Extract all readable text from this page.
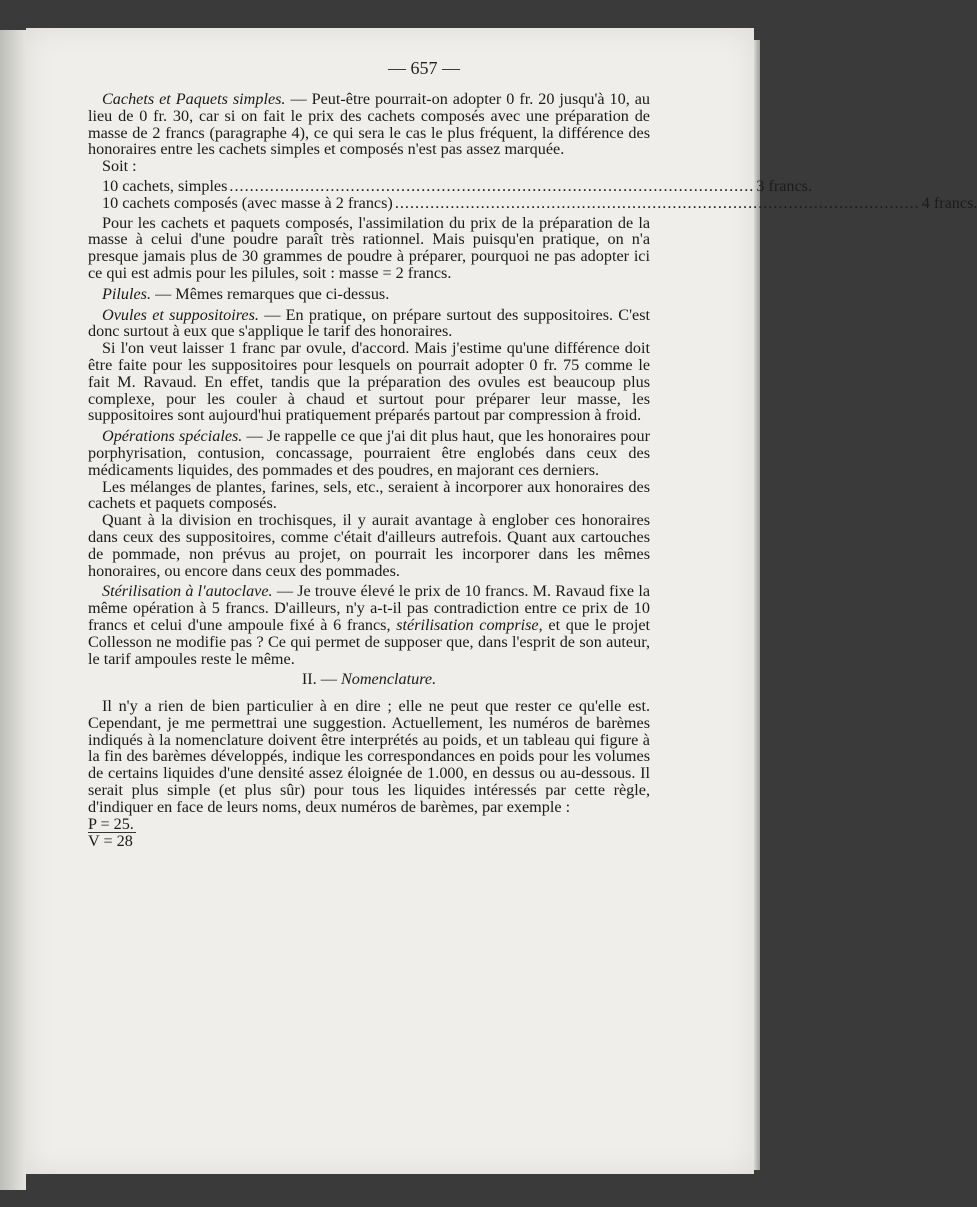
— 657 —

Cachets et Paquets simples. — Peut-être pourrait-on adopter 0 fr. 20 jusqu'à 10, au lieu de 0 fr. 30, car si on fait le prix des cachets composés avec une préparation de masse de 2 francs (paragraphe 4), ce qui sera le cas le plus fréquent, la différence des honoraires entre les cachets simples et composés n'est pas assez marquée.

Soit :

10 cachets, simples ........................................................................................................ 3 francs.

10 cachets composés (avec masse à 2 francs) ........................................................................................................ 4 francs.

Pour les cachets et paquets composés, l'assimilation du prix de la préparation de la masse à celui d'une poudre paraît très rationnel. Mais puisqu'en pratique, on n'a presque jamais plus de 30 grammes de poudre à préparer, pourquoi ne pas adopter ici ce qui est admis pour les pilules, soit : masse = 2 francs.

Pilules. — Mêmes remarques que ci-dessus.

Ovules et suppositoires. — En pratique, on prépare surtout des suppositoires. C'est donc surtout à eux que s'applique le tarif des honoraires.

Si l'on veut laisser 1 franc par ovule, d'accord. Mais j'estime qu'une différence doit être faite pour les suppositoires pour lesquels on pourrait adopter 0 fr. 75 comme le fait M. Ravaud. En effet, tandis que la préparation des ovules est beaucoup plus complexe, pour les couler à chaud et surtout pour préparer leur masse, les suppositoires sont aujourd'hui pratiquement préparés partout par compression à froid.

Opérations spéciales. — Je rappelle ce que j'ai dit plus haut, que les honoraires pour porphyrisation, contusion, concassage, pourraient être englobés dans ceux des médicaments liquides, des pommades et des poudres, en majorant ces derniers.

Les mélanges de plantes, farines, sels, etc., seraient à incorporer aux honoraires des cachets et paquets composés.

Quant à la division en trochisques, il y aurait avantage à englober ces honoraires dans ceux des suppositoires, comme c'était d'ailleurs autrefois. Quant aux cartouches de pommade, non prévus au projet, on pourrait les incorporer dans les mêmes honoraires, ou encore dans ceux des pommades.

Stérilisation à l'autoclave. — Je trouve élevé le prix de 10 francs. M. Ravaud fixe la même opération à 5 francs. D'ailleurs, n'y a-t-il pas contradiction entre ce prix de 10 francs et celui d'une ampoule fixé à 6 francs, stérilisation comprise, et que le projet Collesson ne modifie pas ? Ce qui permet de supposer que, dans l'esprit de son auteur, le tarif ampoules reste le même.

II. — Nomenclature.

Il n'y a rien de bien particulier à en dire ; elle ne peut que rester ce qu'elle est. Cependant, je me permettrai une suggestion. Actuellement, les numéros de barèmes indiqués à la nomenclature doivent être interprétés au poids, et un tableau qui figure à la fin des barèmes développés, indique les correspondances en poids pour les volumes de certains liquides d'une densité assez éloignée de 1.000, en dessus ou au-dessous. Il serait plus simple (et plus sûr) pour tous les liquides intéressés par cette règle, d'indiquer en face de leurs noms, deux numéros de barèmes, par exemple :

P = 25.

V = 28
